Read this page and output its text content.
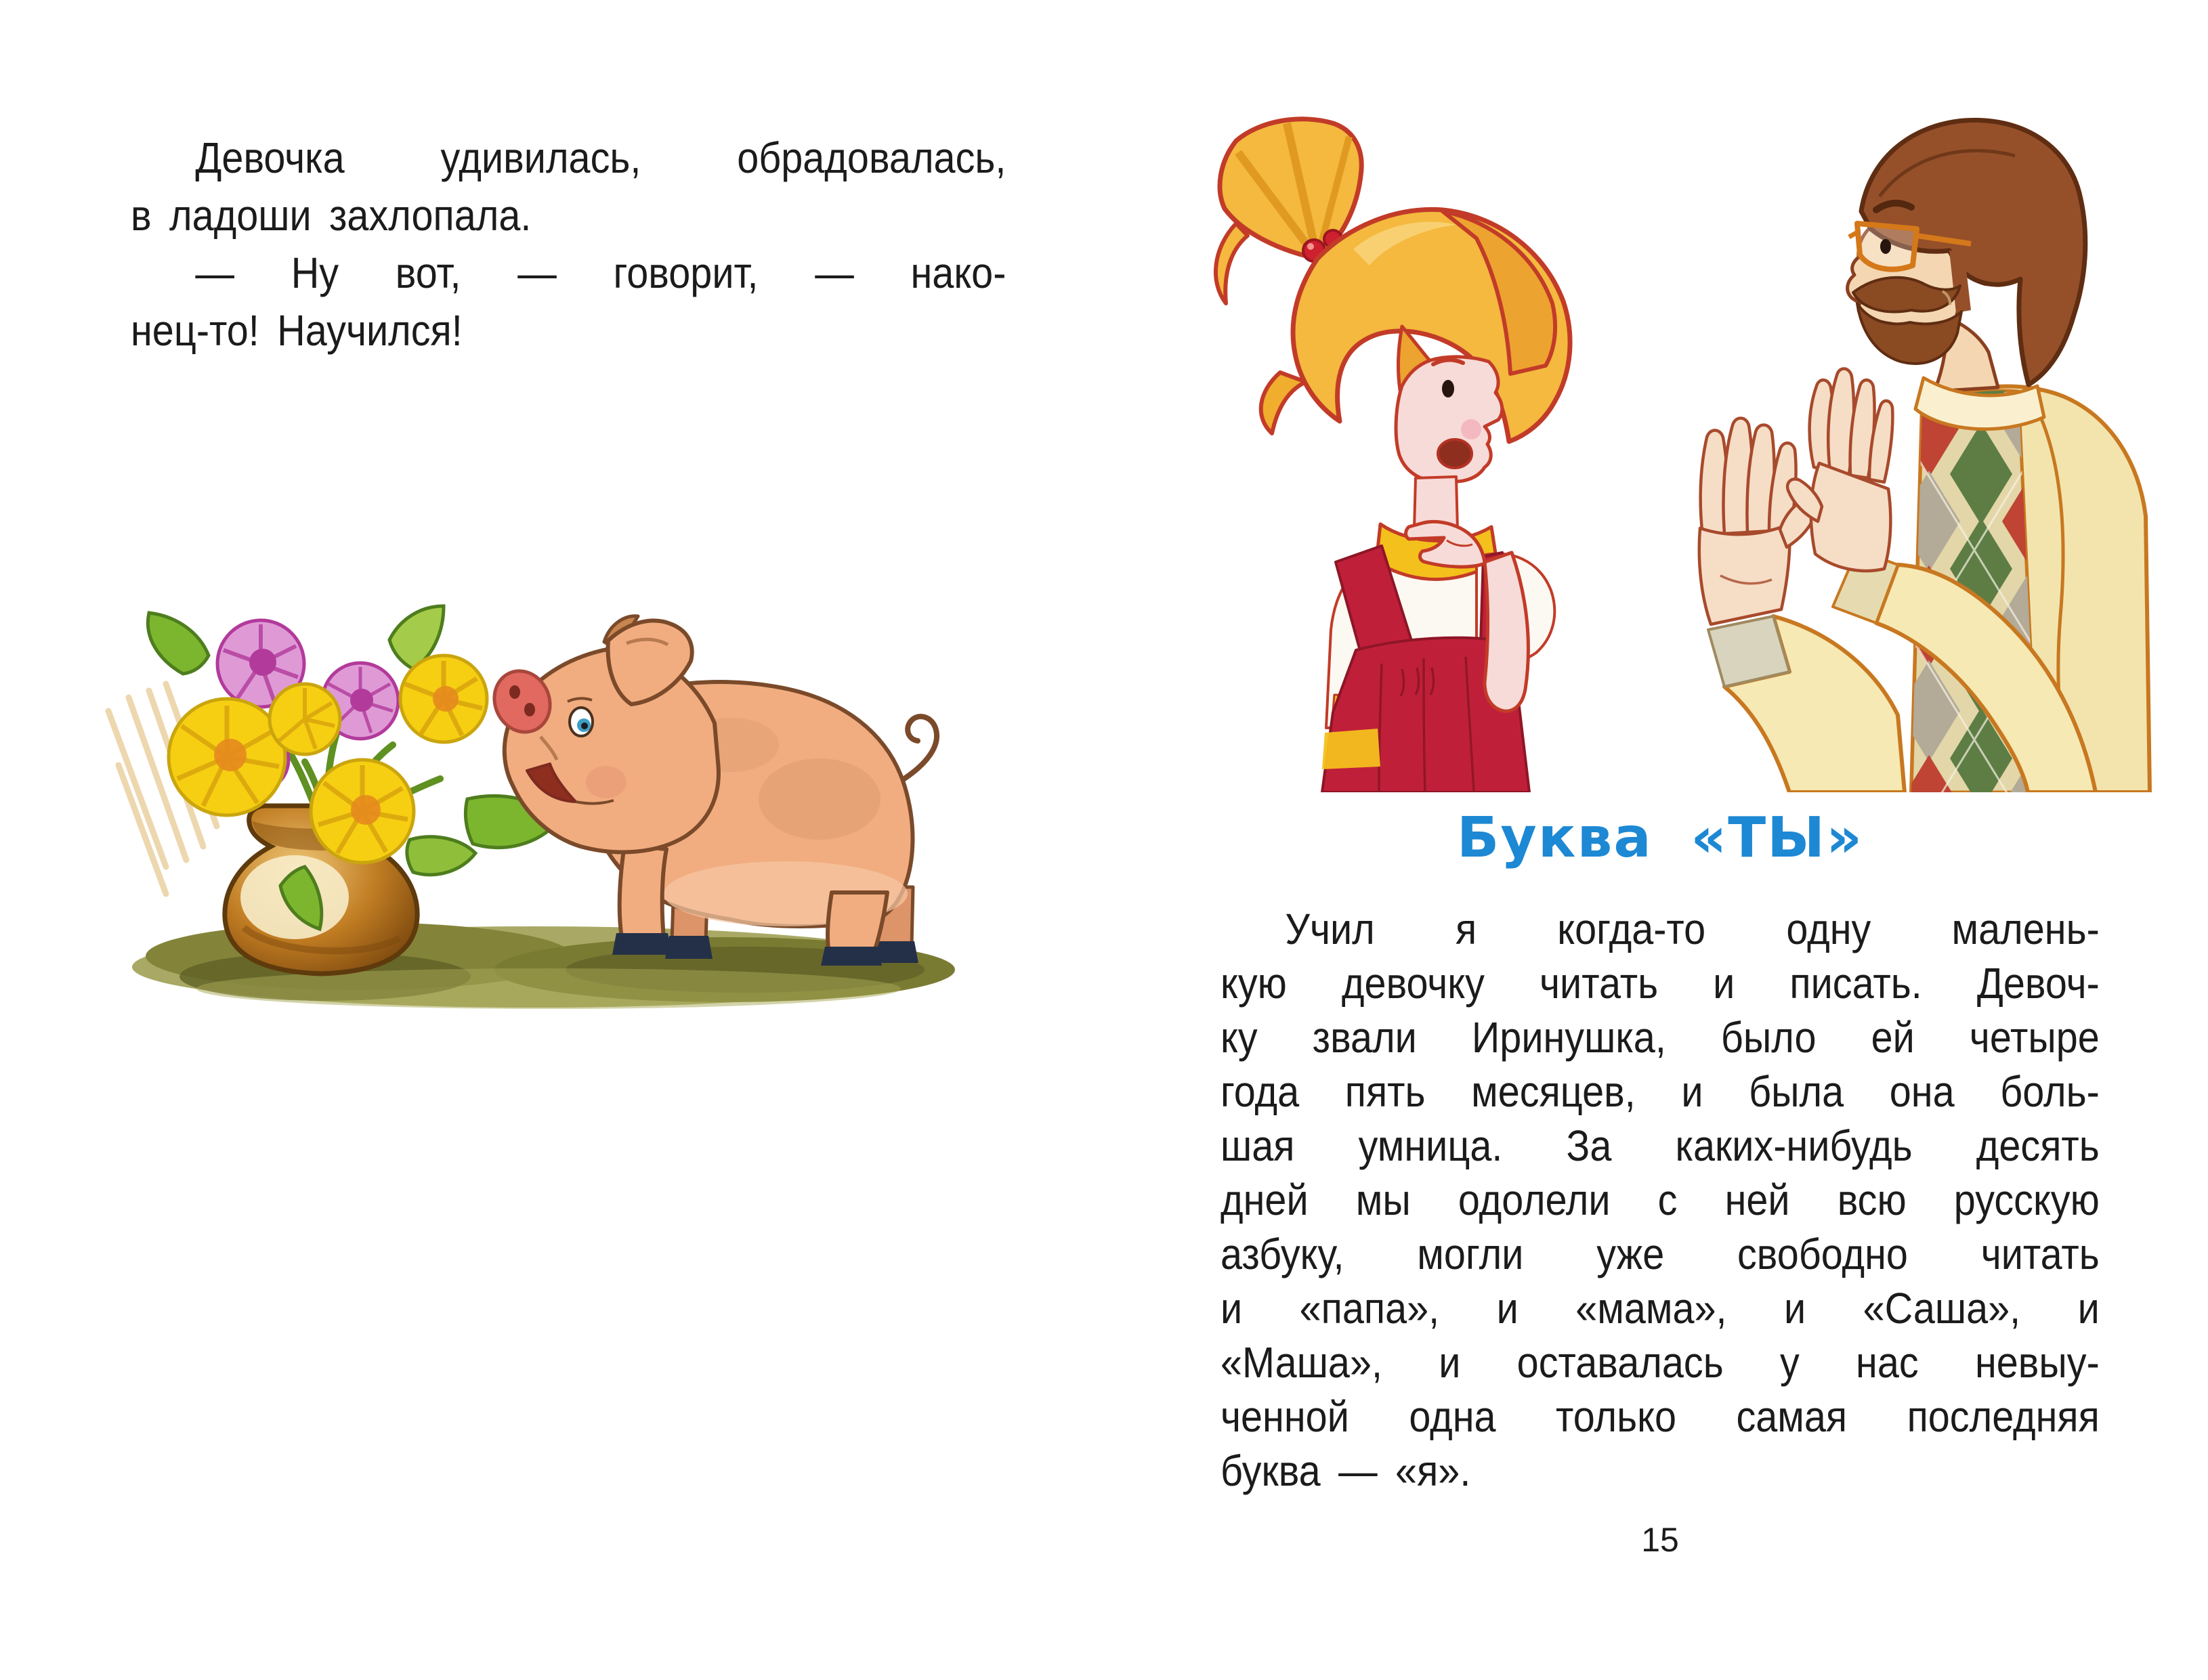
Девочка удивилась, обрадовалась,
в ладоши захлопала.
— Ну вот, — говорит, — нако-
нец-то! Научился!
Буква «ТЫ»
Учил я когда-то одну малень-
кую девочку читать и писать. Девоч-
ку звали Иринушка, было ей четыре
года пять месяцев, и была она боль-
шая умница. За каких-нибудь десять
дней мы одолели с ней всю русскую
азбуку, могли уже свободно читать
и «папа», и «мама», и «Саша», и
«Маша», и оставалась у нас невыу-
ченной одна только самая последняя
буква — «я».
15
